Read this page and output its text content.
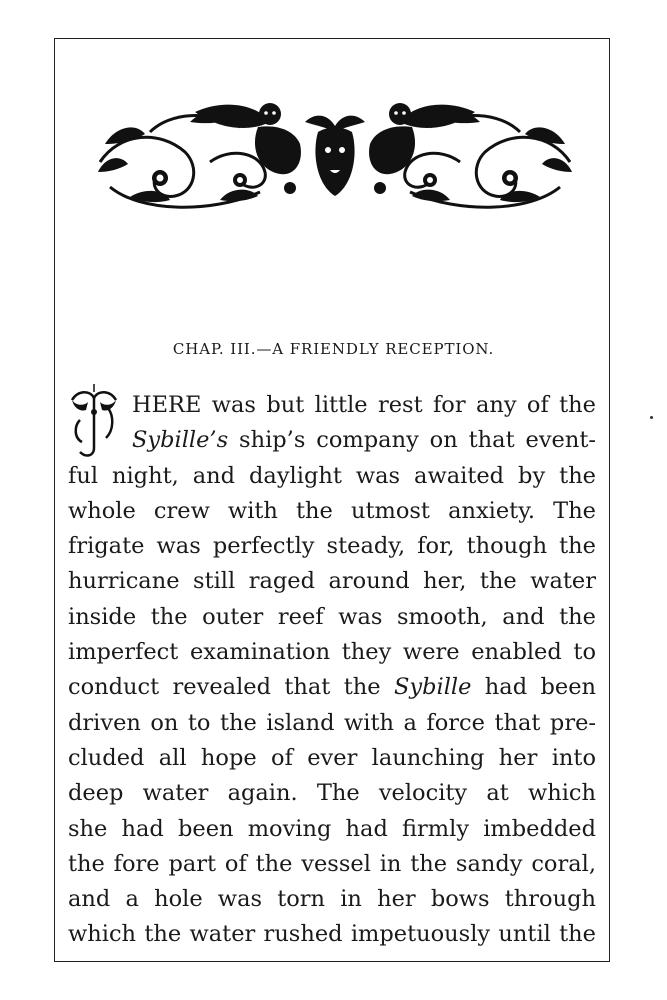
CHAP. III.—A FRIENDLY RECEPTION.
HERE was but little rest for any of the
Sybille’s ship’s company on that event-
ful night, and daylight was awaited by the
whole crew with the utmost anxiety. The
frigate was perfectly steady, for, though the
hurricane still raged around her, the water
inside the outer reef was smooth, and the
imperfect examination they were enabled to
conduct revealed that the Sybille had been
driven on to the island with a force that pre-
cluded all hope of ever launching her into
deep water again. The velocity at which
she had been moving had firmly imbedded
the fore part of the vessel in the sandy coral,
and a hole was torn in her bows through
which the water rushed impetuously until the
